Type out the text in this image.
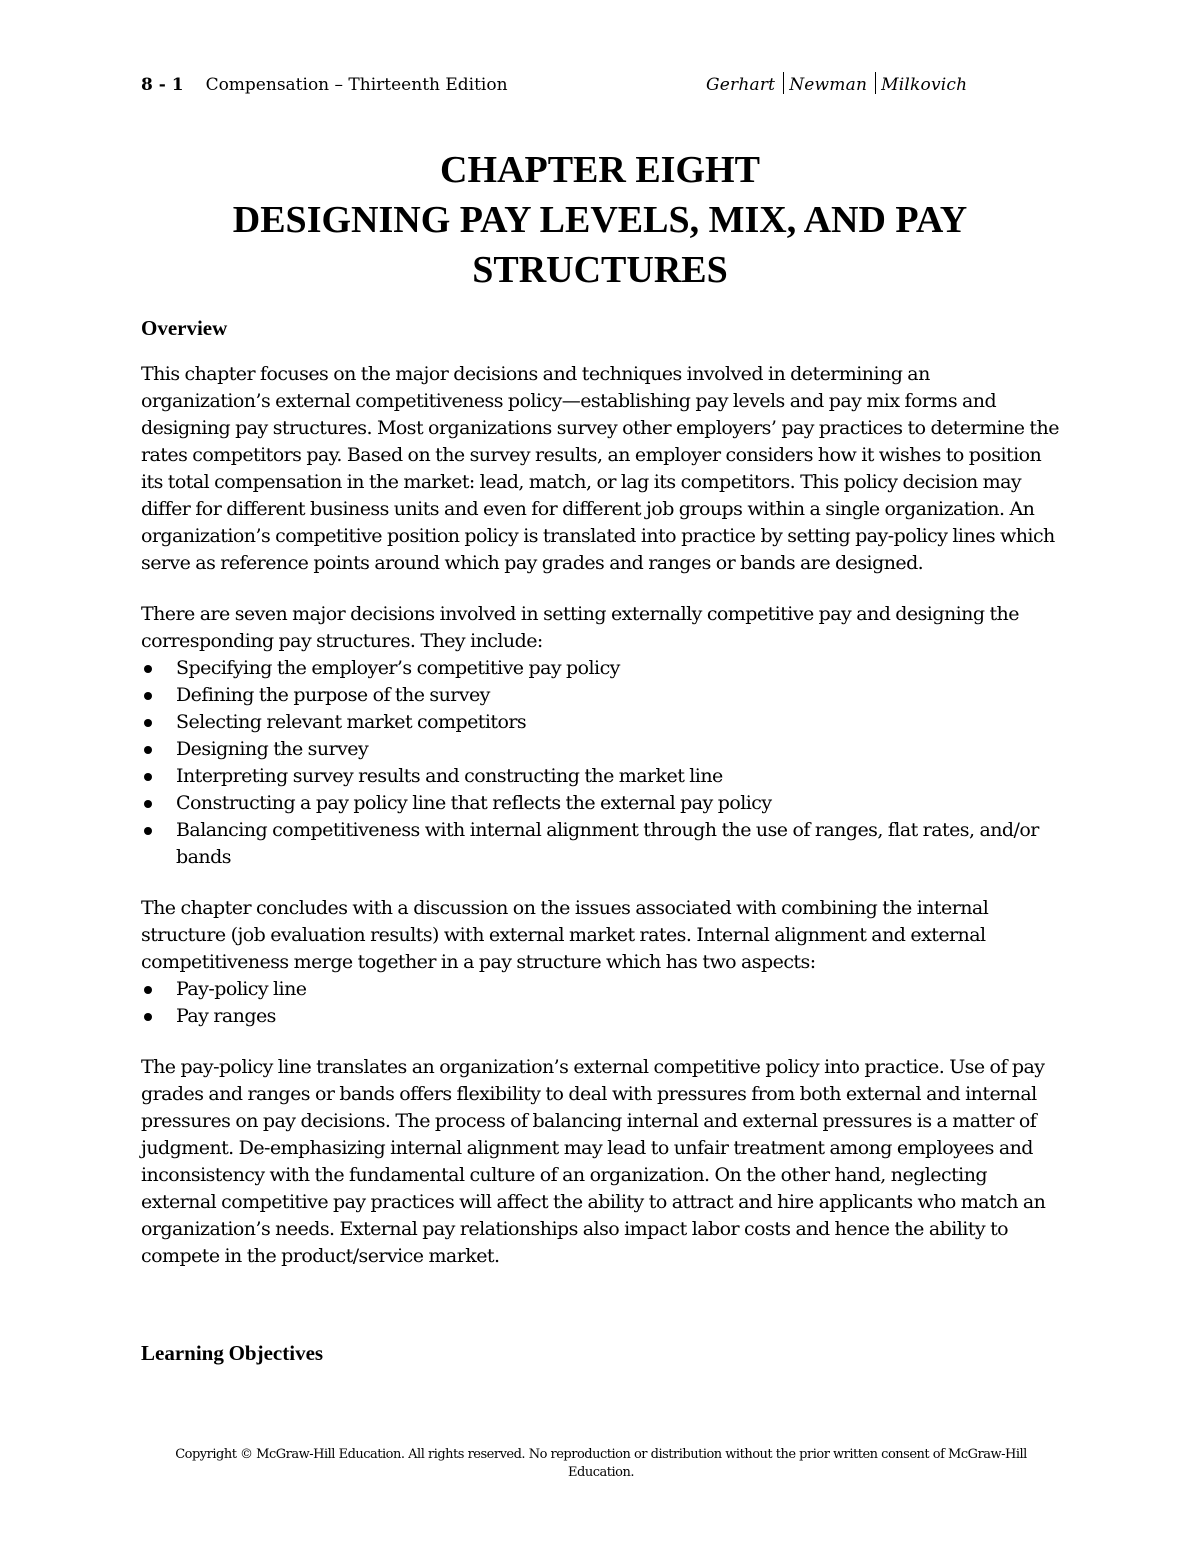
8 - 1 Compensation – Thirteenth Edition	Gerhart Newman Milkovich
CHAPTER EIGHT
DESIGNING PAY LEVELS, MIX, AND PAY
STRUCTURES
Overview

This chapter focuses on the major decisions and techniques involved in determining an organization’s external competitiveness policy—establishing pay levels and pay mix forms and designing pay structures. Most organizations survey other employers’ pay practices to determine the rates competitors pay. Based on the survey results, an employer considers how it wishes to position its total compensation in the market: lead, match, or lag its competitors. This policy decision may differ for different business units and even for different job groups within a single organization. An organization’s competitive position policy is translated into practice by setting pay-policy lines which serve as reference points around which pay grades and ranges or bands are designed.

There are seven major decisions involved in setting externally competitive pay and designing the corresponding pay structures. They include:

Specifying the employer’s competitive pay policy
Defining the purpose of the survey
Selecting relevant market competitors
Designing the survey
Interpreting survey results and constructing the market line
Constructing a pay policy line that reflects the external pay policy
Balancing competitiveness with internal alignment through the use of ranges, flat rates, and/or bands

The chapter concludes with a discussion on the issues associated with combining the internal structure (job evaluation results) with external market rates. Internal alignment and external competitiveness merge together in a pay structure which has two aspects:

Pay-policy line
Pay ranges

The pay-policy line translates an organization’s external competitive policy into practice. Use of pay grades and ranges or bands offers flexibility to deal with pressures from both external and internal pressures on pay decisions. The process of balancing internal and external pressures is a matter of judgment. De-emphasizing internal alignment may lead to unfair treatment among employees and inconsistency with the fundamental culture of an organization. On the other hand, neglecting external competitive pay practices will affect the ability to attract and hire applicants who match an organization’s needs. External pay relationships also impact labor costs and hence the ability to compete in the product/service market.

Learning Objectives
Copyright © McGraw-Hill Education. All rights reserved. No reproduction or distribution without the prior written consent of McGraw-Hill Education.
